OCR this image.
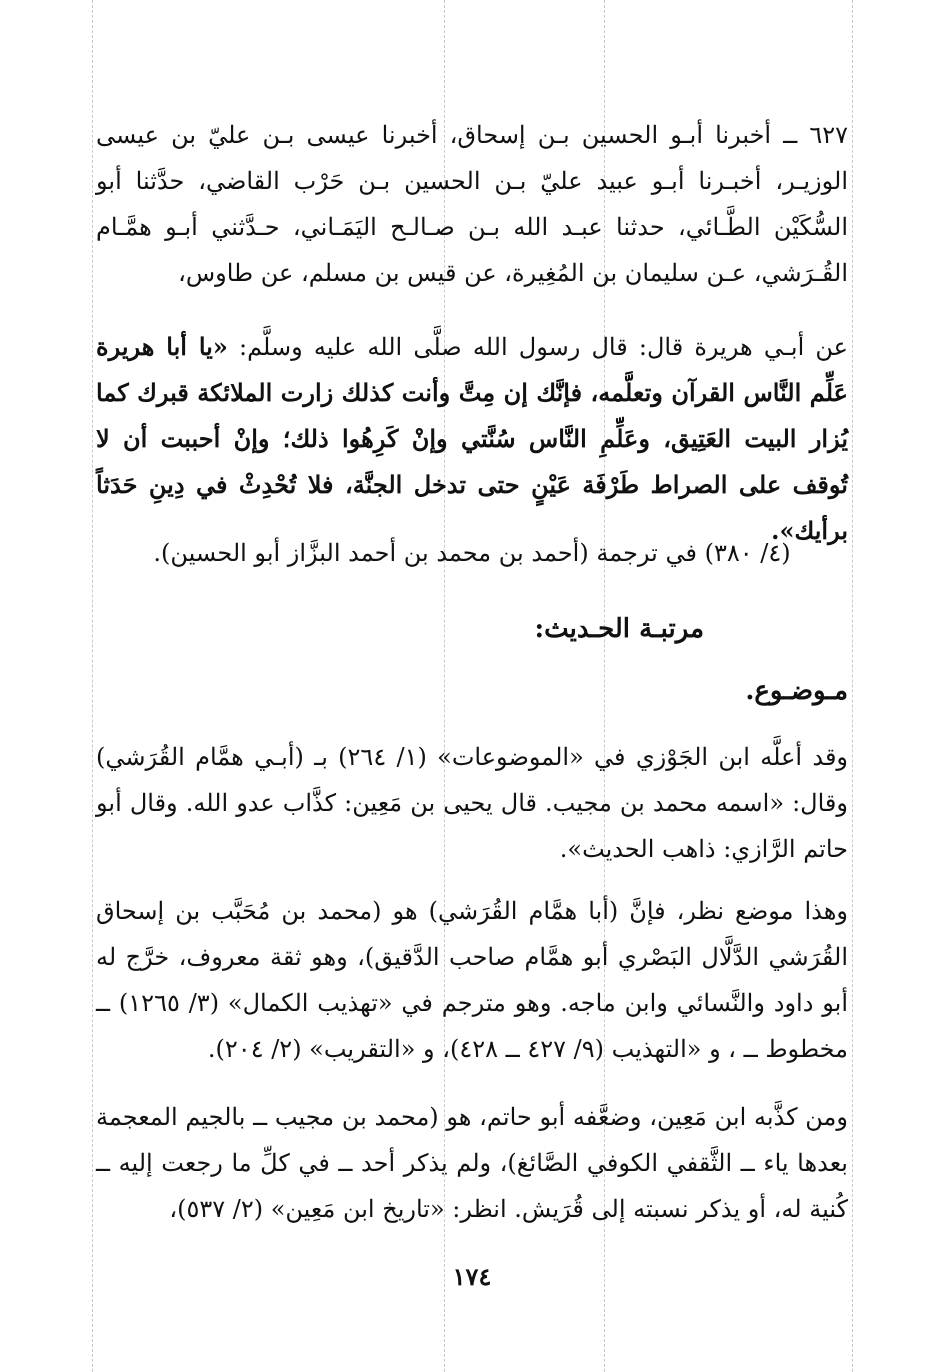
٦٢٧ ــ أخبرنا أبـو الحسين بـن إسحاق، أخبرنا عيسى بـن عليّ بن عيسى الوزيـر، أخبـرنا أبـو عبيد عليّ بـن الحسين بـن حَرْب القاضي، حدَّثنا أبو السُّكَيْن الطَّـائي، حدثنا عبـد الله بـن صـالـح اليَمَـاني، حـدَّثني أبـو همَّـام القُـرَشي، عـن سليمان بن المُغِيرة، عن قيس بن مسلم، عن طاوس،

عن أبـي هريرة قال: قال رسول الله صلَّى الله عليه وسلَّم: «يا أبا هريرة عَلِّم النَّاس القرآن وتعلَّمه، فإنَّك إن مِتَّ وأنت كذلك زارت الملائكة قبرك كما يُزار البيت العَتِيق، وعَلِّمِ النَّاس سُنَّتي وإنْ كَرِهُوا ذلك؛ وإنْ أحببت أن لا تُوقف على الصراط طَرْفَة عَيْنٍ حتى تدخل الجنَّة، فلا تُحْدِثْ في دِينِ حَدَثاً برأيك».

(٤/ ٣٨٠) في ترجمة (أحمد بن محمد بن أحمد البزَّاز أبو الحسين).

مرتبـة الحـديث:
مـوضـوع.

وقد أعلَّه ابن الجَوْزي في «الموضوعات» (١/ ٢٦٤) بـ (أبـي همَّام القُرَشي) وقال: «اسمه محمد بن مجيب. قال يحيى بن مَعِين: كذَّاب عدو الله. وقال أبو حاتم الرَّازي: ذاهب الحديث».

وهذا موضع نظر، فإنَّ (أبا همَّام القُرَشي) هو (محمد بن مُحَبَّب بن إسحاق القُرَشي الدَّلَّال البَصْري أبو همَّام صاحب الدَّقيق)، وهو ثقة معروف، خرَّج له أبو داود والنَّسائي وابن ماجه. وهو مترجم في «تهذيب الكمال» (٣/ ١٢٦٥) ــ مخطوط ــ ، و «التهذيب (٩/ ٤٢٧ ــ ٤٢٨)، و «التقريب» (٢/ ٢٠٤).

ومن كذَّبه ابن مَعِين، وضعَّفه أبو حاتم، هو (محمد بن مجيب ــ بالجيم المعجمة بعدها ياء ــ الثَّقفي الكوفي الصَّائغ)، ولم يذكر أحد ــ في كلِّ ما رجعت إليه ــ كُنية له، أو يذكر نسبته إلى قُرَيش. انظر: «تاريخ ابن مَعِين» (٢/ ٥٣٧)،

١٧٤
